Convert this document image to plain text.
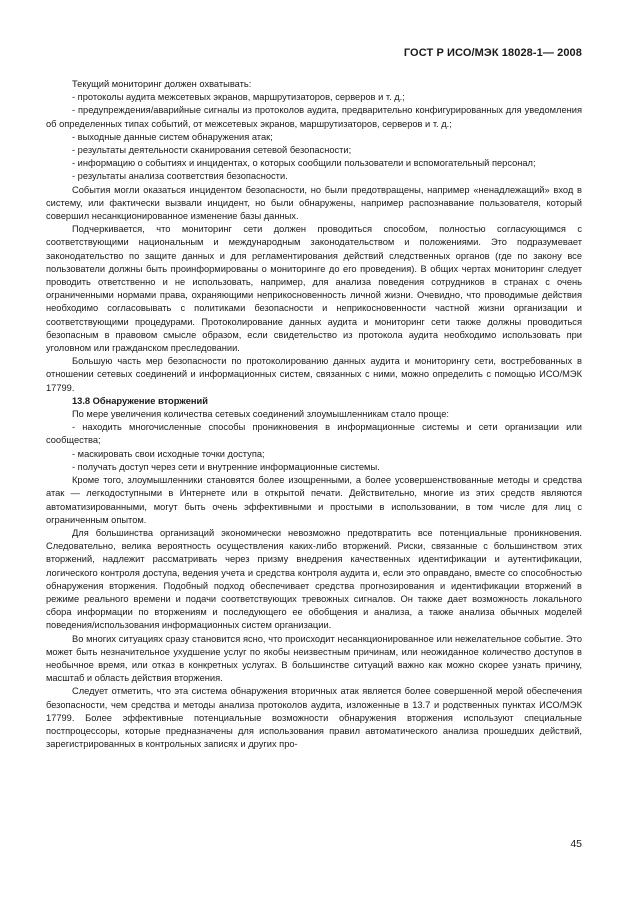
ГОСТ Р ИСО/МЭК 18028-1— 2008

Текущий мониторинг должен охватывать:

- протоколы аудита межсетевых экранов, маршрутизаторов, серверов и т. д.;

- предупреждения/аварийные сигналы из протоколов аудита, предварительно конфигурированных для уведомления об определенных типах событий, от межсетевых экранов, маршрутизаторов, серверов и т. д.;

- выходные данные систем обнаружения атак;

- результаты деятельности сканирования сетевой безопасности;

- информацию о событиях и инцидентах, о которых сообщили пользователи и вспомогательный персонал;

- результаты анализа соответствия безопасности.

События могли оказаться инцидентом безопасности, но были предотвращены, например «ненадлежащий» вход в систему, или фактически вызвали инцидент, но были обнаружены, например распознавание пользователя, который совершил несанкционированное изменение базы данных.

Подчеркивается, что мониторинг сети должен проводиться способом, полностью согласующимся с соответствующими национальным и международным законодательством и положениями. Это подразумевает законодательство по защите данных и для регламентирования действий следственных органов (где по закону все пользователи должны быть проинформированы о мониторинге до его проведения). В общих чертах мониторинг следует проводить ответственно и не использовать, например, для анализа поведения сотрудников в странах с очень ограниченными нормами права, охраняющими неприкосновенность личной жизни. Очевидно, что проводимые действия необходимо согласовывать с политиками безопасности и неприкосновенности частной жизни организации и соответствующими процедурами. Протоколирование данных аудита и мониторинг сети также должны проводиться безопасным в правовом смысле образом, если свидетельство из протокола аудита необходимо использовать при уголовном или гражданском преследовании.

Большую часть мер безопасности по протоколированию данных аудита и мониторингу сети, востребованных в отношении сетевых соединений и информационных систем, связанных с ними, можно определить с помощью ИСО/МЭК 17799.

13.8 Обнаружение вторжений

По мере увеличения количества сетевых соединений злоумышленникам стало проще:

- находить многочисленные способы проникновения в информационные системы и сети организации или сообщества;

- маскировать свои исходные точки доступа;

- получать доступ через сети и внутренние информационные системы.

Кроме того, злоумышленники становятся более изощренными, а более усовершенствованные методы и средства атак — легкодоступными в Интернете или в открытой печати. Действительно, многие из этих средств являются автоматизированными, могут быть очень эффективными и простыми в использовании, в том числе для лиц с ограниченным опытом.

Для большинства организаций экономически невозможно предотвратить все потенциальные проникновения. Следовательно, велика вероятность осуществления каких-либо вторжений. Риски, связанные с большинством этих вторжений, надлежит рассматривать через призму внедрения качественных идентификации и аутентификации, логического контроля доступа, ведения учета и средства контроля аудита и, если это оправдано, вместе со способностью обнаружения вторжения. Подобный подход обеспечивает средства прогнозирования и идентификации вторжений в режиме реального времени и подачи соответствующих тревожных сигналов. Он также дает возможность локального сбора информации по вторжениям и последующего ее обобщения и анализа, а также анализа обычных моделей поведения/использования информационных систем организации.

Во многих ситуациях сразу становится ясно, что происходит несанкционированное или нежелательное событие. Это может быть незначительное ухудшение услуг по якобы неизвестным причинам, или неожиданное количество доступов в необычное время, или отказ в конкретных услугах. В большинстве ситуаций важно как можно скорее узнать причину, масштаб и область действия вторжения.

Следует отметить, что эта система обнаружения вторичных атак является более совершенной мерой обеспечения безопасности, чем средства и методы анализа протоколов аудита, изложенные в 13.7 и родственных пунктах ИСО/МЭК 17799. Более эффективные потенциальные возможности обнаружения вторжения используют специальные постпроцессоры, которые предназначены для использования правил автоматического анализа прошедших действий, зарегистрированных в контрольных записях и других про-

45
